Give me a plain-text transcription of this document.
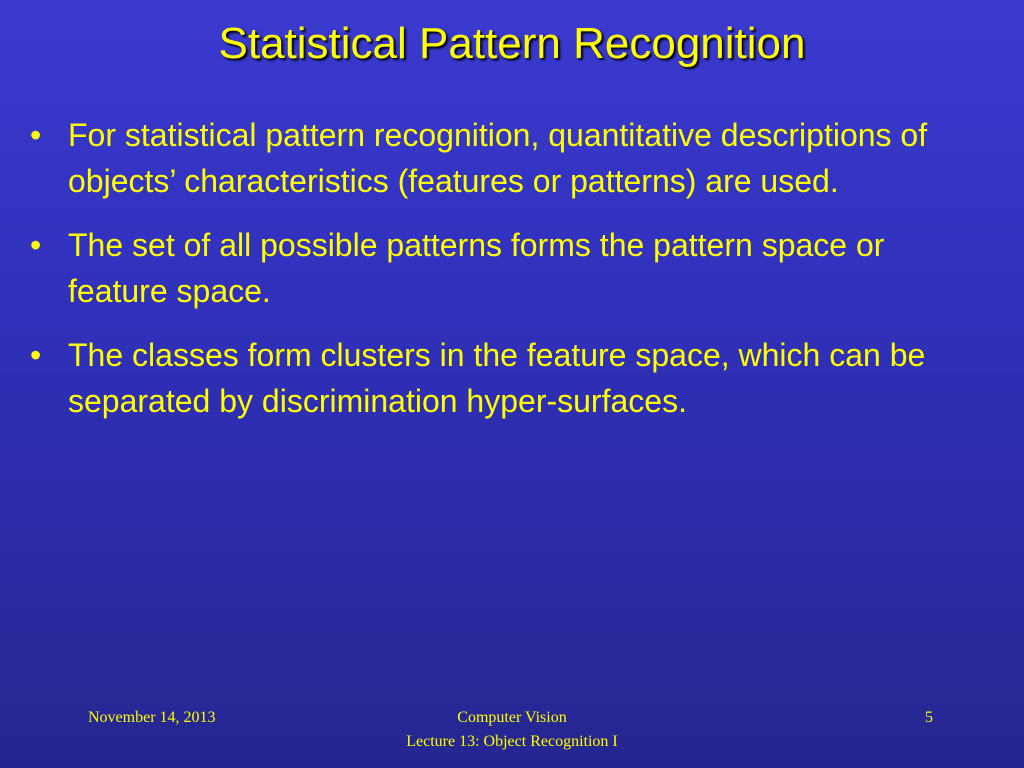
Statistical Pattern Recognition
• For statistical pattern recognition, quantitative descriptions of objects’ characteristics (features or patterns) are used.
• The set of all possible patterns forms the pattern space or feature space.
• The classes form clusters in the feature space, which can be separated by discrimination hyper-surfaces.
November 14, 2013	Computer Vision
Lecture 13: Object Recognition I
5
